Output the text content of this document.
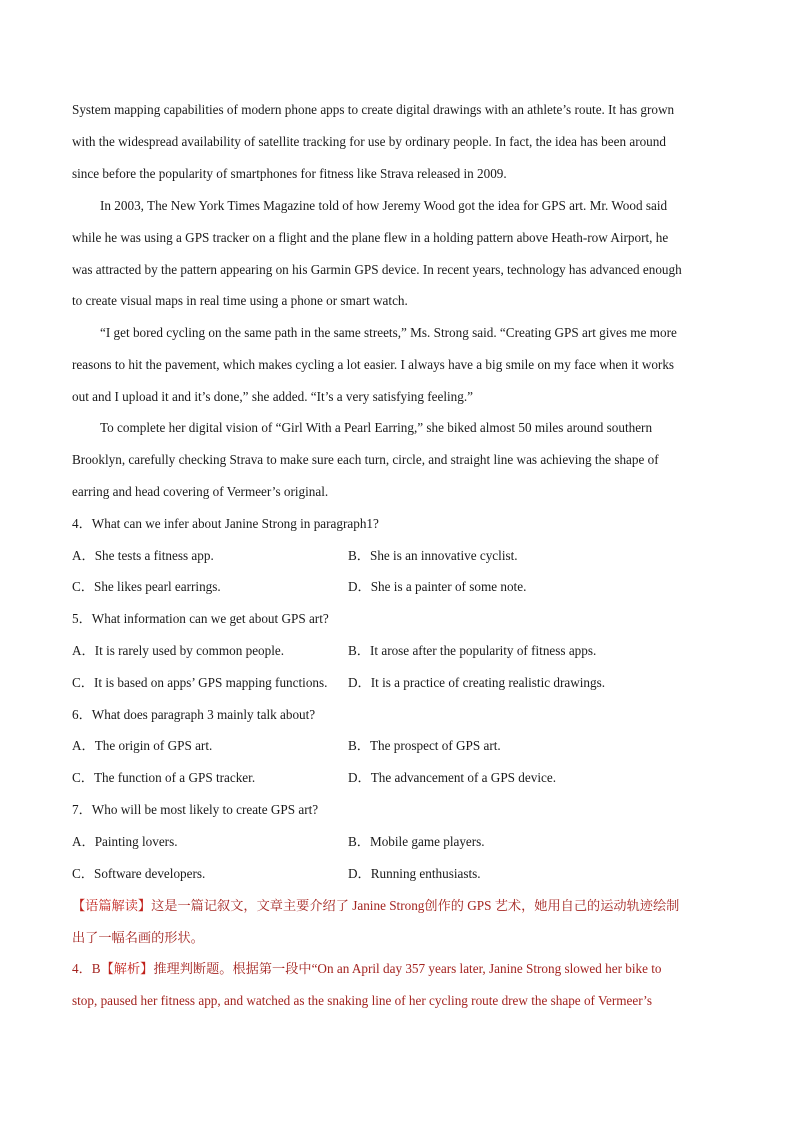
System mapping capabilities of modern phone apps to create digital drawings with an athlete’s route. It has grown
with the widespread availability of satellite tracking for use by ordinary people. In fact, the idea has been around
since before the popularity of smartphones for fitness like Strava released in 2009.
In 2003, The New York Times Magazine told of how Jeremy Wood got the idea for GPS art. Mr. Wood said
while he was using a GPS tracker on a flight and the plane flew in a holding pattern above Heath-row Airport, he
was attracted by the pattern appearing on his Garmin GPS device. In recent years, technology has advanced enough
to create visual maps in real time using a phone or smart watch.
“I get bored cycling on the same path in the same streets,” Ms. Strong said. “Creating GPS art gives me more
reasons to hit the pavement, which makes cycling a lot easier. I always have a big smile on my face when it works
out and I upload it and it’s done,” she added. “It’s a very satisfying feeling.”
To complete her digital vision of “Girl With a Pearl Earring,” she biked almost 50 miles around southern
Brooklyn, carefully checking Strava to make sure each turn, circle, and straight line was achieving the shape of
earring and head covering of Vermeer’s original.
4．What can we infer about Janine Strong in paragraph1?
A．She tests a fitness app.	B．She is an innovative cyclist.
C．She likes pearl earrings.	D．She is a painter of some note.
5．What information can we get about GPS art?
A．It is rarely used by common people.	B．It arose after the popularity of fitness apps.
C．It is based on apps’ GPS mapping functions. D．It is a practice of creating realistic drawings.
6．What does paragraph 3 mainly talk about?
A．The origin of GPS art.	B．The prospect of GPS art.
C．The function of a GPS tracker.	D．The advancement of a GPS device.
7．Who will be most likely to create GPS art?
A．Painting lovers.	B．Mobile game players.
C．Software developers.	D．Running enthusiasts.
【语篇解读】这是一篇记叙文，文章主要介绍了 Janine Strong创作的 GPS 艺术，她用自己的运动轨迹绘制
出了一幅名画的形状。
4．B【解析】推理判断题。根据第一段中“On an April day 357 years later, Janine Strong slowed her bike to
stop, paused her fitness app, and watched as the snaking line of her cycling route drew the shape of Vermeer’s
